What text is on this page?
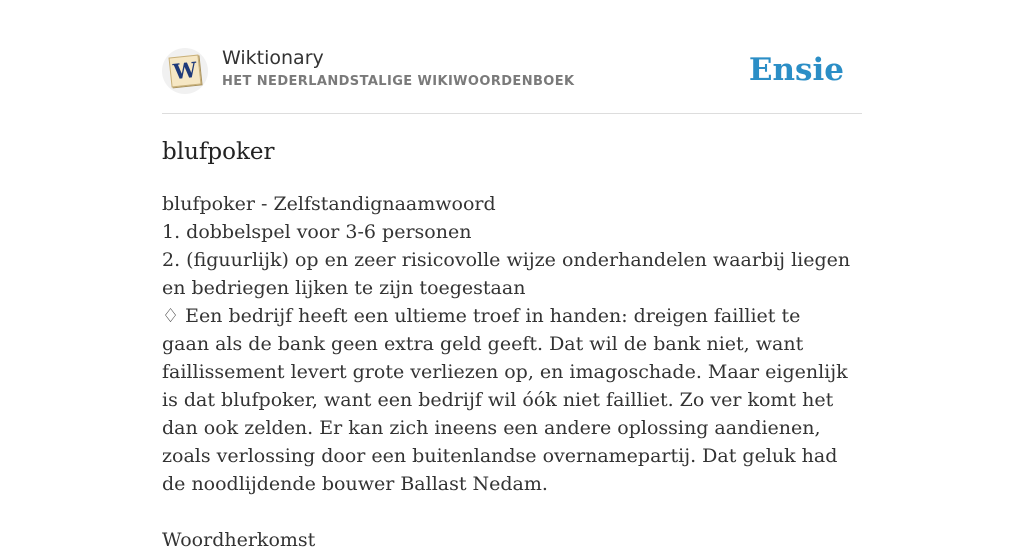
W Wiktionary
HET NEDERLANDSTALIGE WIKIWOORDENBOEK	Ensie
blufpoker

blufpoker - Zelfstandignaamwoord

1. dobbelspel voor 3-6 personen

2. (figuurlijk) op en zeer risicovolle wijze onderhandelen waarbij liegen en bedriegen lijken te zijn toegestaan

♢ Een bedrijf heeft een ultieme troef in handen: dreigen failliet te gaan als de bank geen extra geld geeft. Dat wil de bank niet, want faillissement levert grote verliezen op, en imagoschade. Maar eigenlijk is dat blufpoker, want een bedrijf wil óók niet failliet. Zo ver komt het dan ook zelden. Er kan zich ineens een andere oplossing aandienen, zoals verlossing door een buitenlandse overnamepartij. Dat geluk had de noodlijdende bouwer Ballast Nedam.

Woordherkomst
